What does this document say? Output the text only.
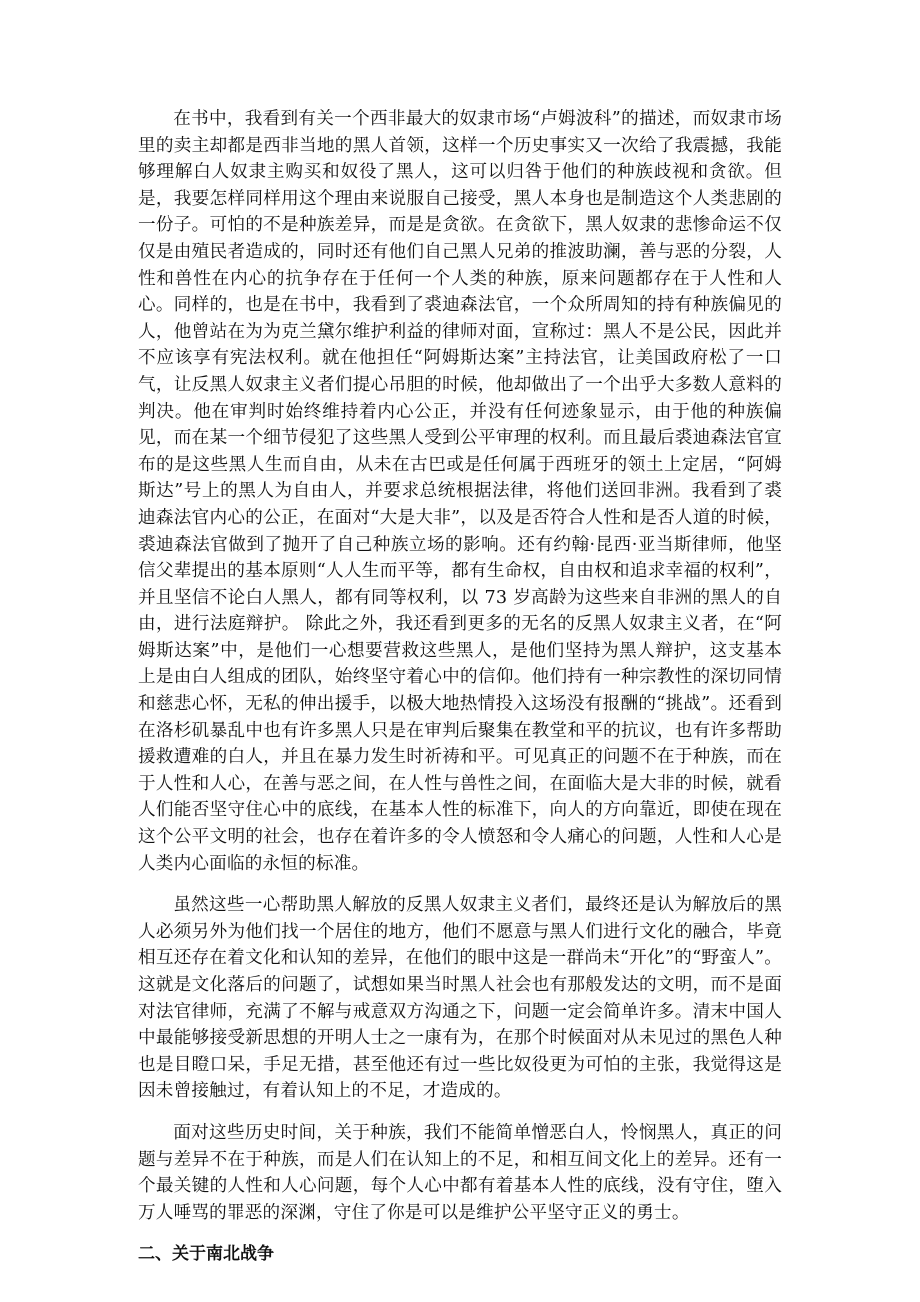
在书中，我看到有关一个西非最大的奴隶市场“卢姆波科”的描述，而奴隶市场里的卖主却都是西非当地的黑人首领，这样一个历史事实又一次给了我震撼，我能够理解白人奴隶主购买和奴役了黑人，这可以归咎于他们的种族歧视和贪欲。但是，我要怎样同样用这个理由来说服自己接受，黑人本身也是制造这个人类悲剧的一份子。可怕的不是种族差异，而是是贪欲。在贪欲下，黑人奴隶的悲惨命运不仅仅是由殖民者造成的，同时还有他们自己黑人兄弟的推波助澜，善与恶的分裂，人性和兽性在内心的抗争存在于任何一个人类的种族，原来问题都存在于人性和人心。同样的，也是在书中，我看到了裘迪森法官，一个众所周知的持有种族偏见的人，他曾站在为为克兰黛尔维护利益的律师对面，宣称过：黑人不是公民，因此并不应该享有宪法权利。就在他担任“阿姆斯达案”主持法官，让美国政府松了一口气，让反黑人奴隶主义者们提心吊胆的时候，他却做出了一个出乎大多数人意料的判决。他在审判时始终维持着内心公正，并没有任何迹象显示，由于他的种族偏见，而在某一个细节侵犯了这些黑人受到公平审理的权利。而且最后裘迪森法官宣布的是这些黑人生而自由，从未在古巴或是任何属于西班牙的领土上定居，“阿姆斯达”号上的黑人为自由人，并要求总统根据法律，将他们送回非洲。我看到了裘迪森法官内心的公正，在面对“大是大非”，以及是否符合人性和是否人道的时候，裘迪森法官做到了抛开了自己种族立场的影响。还有约翰·昆西·亚当斯律师，他坚信父辈提出的基本原则“人人生而平等，都有生命权，自由权和追求幸福的权利”，并且坚信不论白人黑人，都有同等权利，以 73 岁高龄为这些来自非洲的黑人的自由，进行法庭辩护。 除此之外，我还看到更多的无名的反黑人奴隶主义者，在“阿姆斯达案”中，是他们一心想要营救这些黑人，是他们坚持为黑人辩护，这支基本上是由白人组成的团队，始终坚守着心中的信仰。他们持有一种宗教性的深切同情和慈悲心怀，无私的伸出援手，以极大地热情投入这场没有报酬的“挑战”。还看到在洛杉矶暴乱中也有许多黑人只是在审判后聚集在教堂和平的抗议，也有许多帮助援救遭难的白人，并且在暴力发生时祈祷和平。可见真正的问题不在于种族，而在于人性和人心，在善与恶之间，在人性与兽性之间，在面临大是大非的时候，就看人们能否坚守住心中的底线，在基本人性的标准下，向人的方向靠近，即使在现在这个公平文明的社会，也存在着许多的令人愤怒和令人痛心的问题，人性和人心是人类内心面临的永恒的标准。

虽然这些一心帮助黑人解放的反黑人奴隶主义者们，最终还是认为解放后的黑人必须另外为他们找一个居住的地方，他们不愿意与黑人们进行文化的融合，毕竟相互还存在着文化和认知的差异，在他们的眼中这是一群尚未“开化”的“野蛮人”。这就是文化落后的问题了，试想如果当时黑人社会也有那般发达的文明，而不是面对法官律师，充满了不解与戒意双方沟通之下，问题一定会简单许多。清末中国人中最能够接受新思想的开明人士之一康有为，在那个时候面对从未见过的黑色人种也是目瞪口呆，手足无措，甚至他还有过一些比奴役更为可怕的主张，我觉得这是因未曾接触过，有着认知上的不足，才造成的。

面对这些历史时间，关于种族，我们不能简单憎恶白人，怜悯黑人，真正的问题与差异不在于种族，而是人们在认知上的不足，和相互间文化上的差异。还有一个最关键的人性和人心问题，每个人心中都有着基本人性的底线，没有守住，堕入万人唾骂的罪恶的深渊，守住了你是可以是维护公平坚守正义的勇士。

二、关于南北战争
